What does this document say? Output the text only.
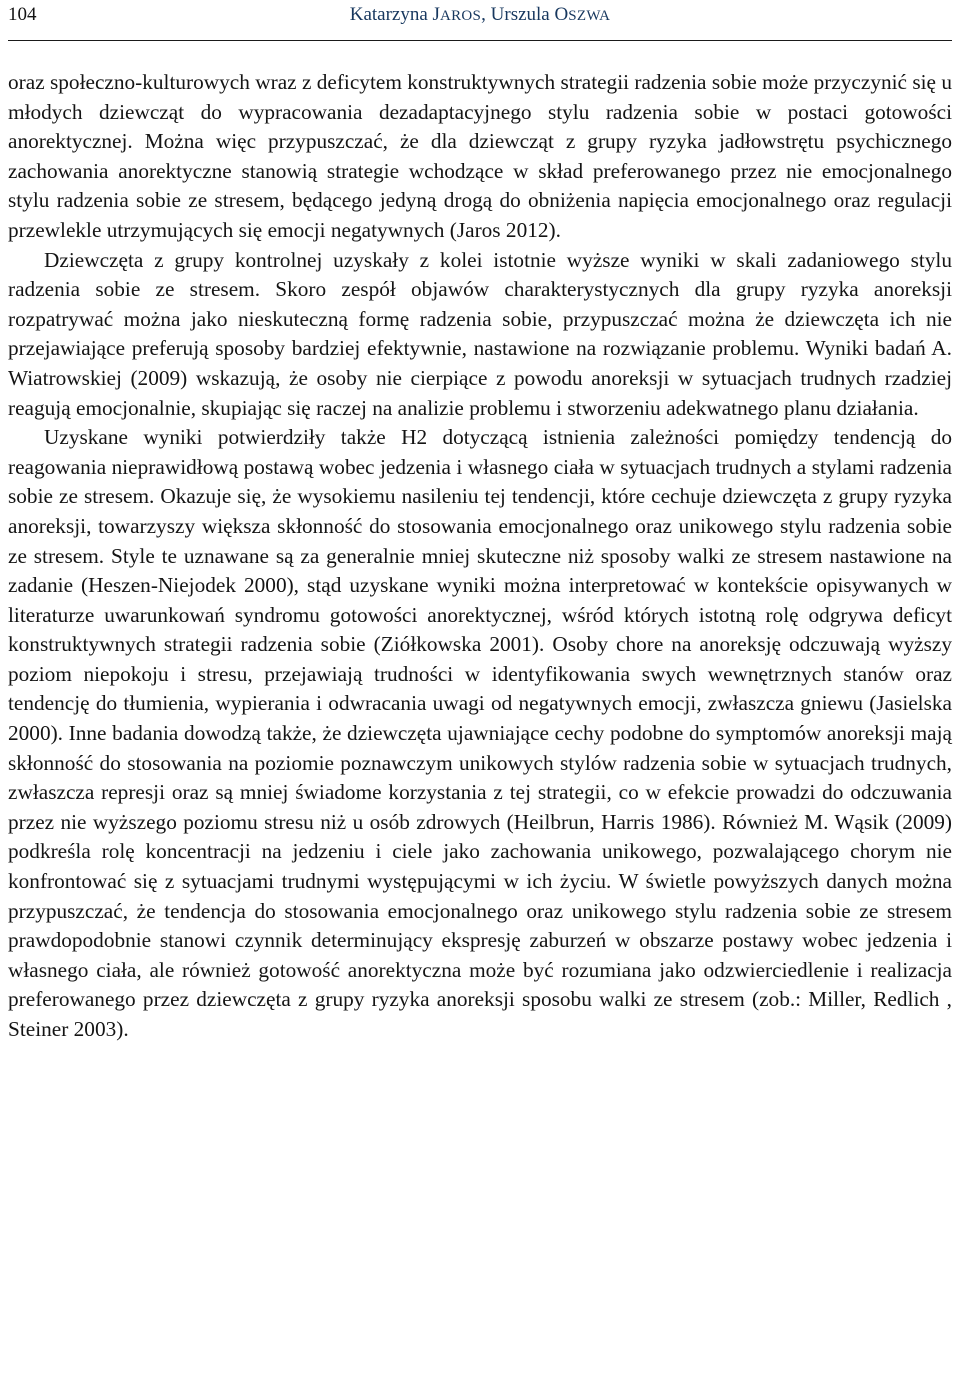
104	Katarzyna JAROS, Urszula OSZWA

oraz społeczno-kulturowych wraz z deficytem konstruktywnych strategii radzenia sobie może przyczynić się u młodych dziewcząt do wypracowania dezadaptacyjnego stylu radzenia sobie w postaci gotowości anorektycznej. Można więc przypuszczać, że dla dziewcząt z grupy ryzyka jadłowstrętu psychicznego zachowania anorektyczne stanowią strategie wchodzące w skład preferowanego przez nie emocjonalnego stylu radzenia sobie ze stresem, będącego jedyną drogą do obniżenia napięcia emocjonalnego oraz regulacji przewlekle utrzymujących się emocji negatywnych (Jaros 2012).

Dziewczęta z grupy kontrolnej uzyskały z kolei istotnie wyższe wyniki w skali zadaniowego stylu radzenia sobie ze stresem. Skoro zespół objawów charakterystycznych dla grupy ryzyka anoreksji rozpatrywać można jako nieskuteczną formę radzenia sobie, przypuszczać można że dziewczęta ich nie przejawiające preferują sposoby bardziej efektywnie, nastawione na rozwiązanie problemu. Wyniki badań A. Wiatrowskiej (2009) wskazują, że osoby nie cierpiące z powodu anoreksji w sytuacjach trudnych rzadziej reagują emocjonalnie, skupiając się raczej na analizie problemu i stworzeniu adekwatnego planu działania.

Uzyskane wyniki potwierdziły także H2 dotyczącą istnienia zależności pomiędzy tendencją do reagowania nieprawidłową postawą wobec jedzenia i własnego ciała w sytuacjach trudnych a stylami radzenia sobie ze stresem. Okazuje się, że wysokiemu nasileniu tej tendencji, które cechuje dziewczęta z grupy ryzyka anoreksji, towarzyszy większa skłonność do stosowania emocjonalnego oraz unikowego stylu radzenia sobie ze stresem. Style te uznawane są za generalnie mniej skuteczne niż sposoby walki ze stresem nastawione na zadanie (Heszen-Niejodek 2000), stąd uzyskane wyniki można interpretować w kontekście opisywanych w literaturze uwarunkowań syndromu gotowości anorektycznej, wśród których istotną rolę odgrywa deficyt konstruktywnych strategii radzenia sobie (Ziółkowska 2001). Osoby chore na anoreksję odczuwają wyższy poziom niepokoju i stresu, przejawiają trudności w identyfikowania swych wewnętrznych stanów oraz tendencję do tłumienia, wypierania i odwracania uwagi od negatywnych emocji, zwłaszcza gniewu (Jasielska 2000). Inne badania dowodzą także, że dziewczęta ujawniające cechy podobne do symptomów anoreksji mają skłonność do stosowania na poziomie poznawczym unikowych stylów radzenia sobie w sytuacjach trudnych, zwłaszcza represji oraz są mniej świadome korzystania z tej strategii, co w efekcie prowadzi do odczuwania przez nie wyższego poziomu stresu niż u osób zdrowych (Heilbrun, Harris 1986). Również M. Wąsik (2009) podkreśla rolę koncentracji na jedzeniu i ciele jako zachowania unikowego, pozwalającego chorym nie konfrontować się z sytuacjami trudnymi występującymi w ich życiu. W świetle powyższych danych można przypuszczać, że tendencja do stosowania emocjonalnego oraz unikowego stylu radzenia sobie ze stresem prawdopodobnie stanowi czynnik determinujący ekspresję zaburzeń w obszarze postawy wobec jedzenia i własnego ciała, ale również gotowość anorektyczna może być rozumiana jako odzwierciedlenie i realizacja preferowanego przez dziewczęta z grupy ryzyka anoreksji sposobu walki ze stresem (zob.: Miller, Redlich , Steiner 2003).
